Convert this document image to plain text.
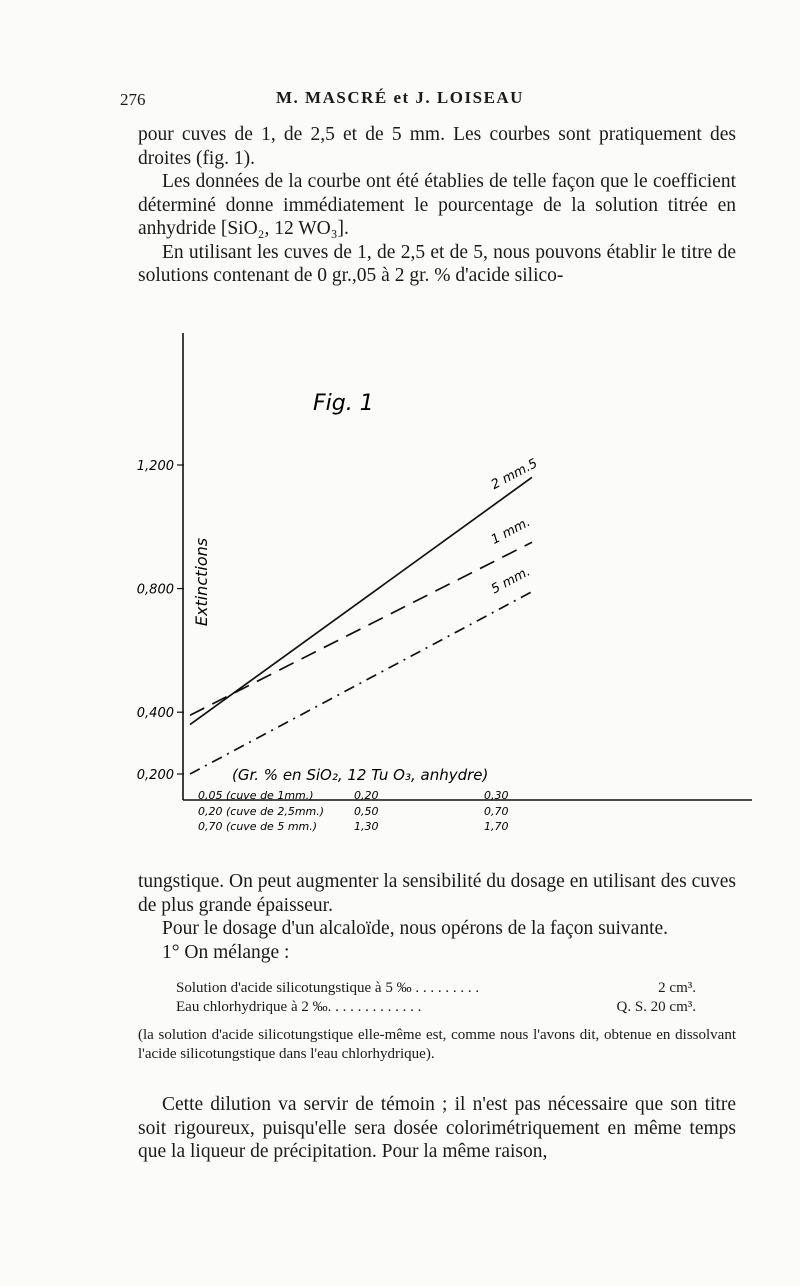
276	M. MASCRÉ et J. LOISEAU

pour cuves de 1, de 2,5 et de 5 mm. Les courbes sont pratiquement des droites (fig. 1).

Les données de la courbe ont été établies de telle façon que le coefficient déterminé donne immédiatement le pourcentage de la solution titrée en anhydride [SiO₂, 12 WO₃].

En utilisant les cuves de 1, de 2,5 et de 5, nous pouvons établir le titre de solutions contenant de 0 gr.,05 à 2 gr. % d'acide silico-

0,200
0,400
0,800
1,200	2 mm.5
1 mm.
5 mm.
Fig. 1
Extinctions
(Gr. % en SiO₂, 12 Tu O₃, anhydre)
0,05 (cuve de 1mm.)	0,20	0,30
0,20 (cuve de 2,5mm.)	0,50	0,70
0,70 (cuve de 5 mm.)	1,30	1,70

tungstique. On peut augmenter la sensibilité du dosage en utilisant des cuves de plus grande épaisseur.

Pour le dosage d'un alcaloïde, nous opérons de la façon suivante.

1° On mélange :

Solution d'acide silicotungstique à 5 ‰ . . . . . . . . .	2 cm³.
Eau chlorhydrique à 2 ‰. . . . . . . . . . . . .	Q. S. 20 cm³.
(la solution d'acide silicotungstique elle-même est, comme nous l'avons dit, obtenue en dissolvant l'acide silicotungstique dans l'eau chlorhydrique).

Cette dilution va servir de témoin ; il n'est pas nécessaire que son titre soit rigoureux, puisqu'elle sera dosée colorimétriquement en même temps que la liqueur de précipitation. Pour la même raison,
